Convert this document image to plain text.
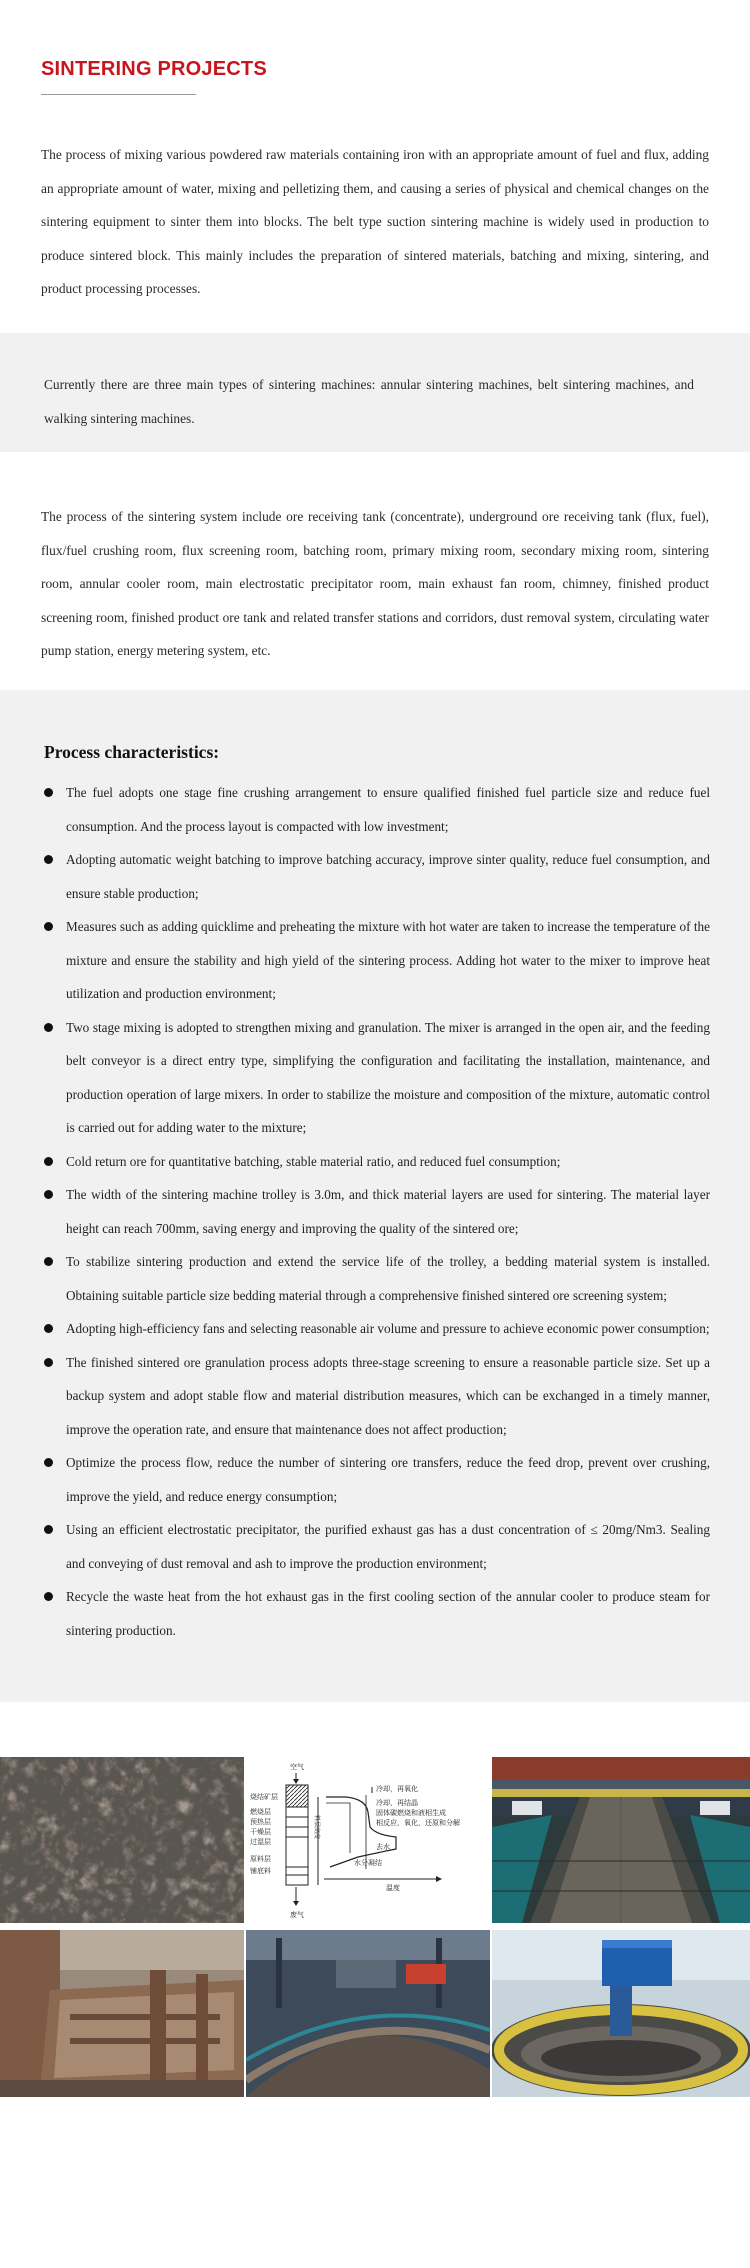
SINTERING PROJECTS

The process of mixing various powdered raw materials containing iron with an appropriate amount of fuel and flux, adding an appropriate amount of water, mixing and pelletizing them, and causing a series of physical and chemical changes on the sintering equipment to sinter them into blocks. The belt type suction sintering machine is widely used in production to produce sintered block. This mainly includes the preparation of sintered materials, batching and mixing, sintering, and product processing processes.

Currently there are three main types of sintering machines: annular sintering machines, belt sintering machines, and walking sintering machines.

The process of the sintering system include ore receiving tank (concentrate), underground ore receiving tank (flux, fuel), flux/fuel crushing room, flux screening room, batching room, primary mixing room, secondary mixing room, sintering room, annular cooler room, main electrostatic precipitator room, main exhaust fan room, chimney, finished product screening room, finished product ore tank and related transfer stations and corridors, dust removal system, circulating water pump station, energy metering system, etc.

Process characteristics:
The fuel adopts one stage fine crushing arrangement to ensure qualified finished fuel particle size and reduce fuel consumption. And the process layout is compacted with low investment;
Adopting automatic weight batching to improve batching accuracy, improve sinter quality, reduce fuel consumption, and ensure stable production;
Measures such as adding quicklime and preheating the mixture with hot water are taken to increase the temperature of the mixture and ensure the stability and high yield of the sintering process. Adding hot water to the mixer to improve heat utilization and production environment;
Two stage mixing is adopted to strengthen mixing and granulation. The mixer is arranged in the open air, and the feeding belt conveyor is a direct entry type, simplifying the configuration and facilitating the installation, maintenance, and production operation of large mixers. In order to stabilize the moisture and composition of the mixture, automatic control is carried out for adding water to the mixture;
Cold return ore for quantitative batching, stable material ratio, and reduced fuel consumption;
The width of the sintering machine trolley is 3.0m, and thick material layers are used for sintering. The material layer height can reach 700mm, saving energy and improving the quality of the sintered ore;
To stabilize sintering production and extend the service life of the trolley, a bedding material system is installed. Obtaining suitable particle size bedding material through a comprehensive finished sintered ore screening system;
Adopting high-efficiency fans and selecting reasonable air volume and pressure to achieve economic power consumption;
The finished sintered ore granulation process adopts three-stage screening to ensure a reasonable particle size. Set up a backup system and adopt stable flow and material distribution measures, which can be exchanged in a timely manner, improve the operation rate, and ensure that maintenance does not affect production;
Optimize the process flow, reduce the number of sintering ore transfers, reduce the feed drop, prevent over crushing, improve the yield, and reduce energy consumption;
Using an efficient electrostatic precipitator, the purified exhaust gas has a dust concentration of ≤ 20mg/Nm3. Sealing and conveying of dust removal and ash to improve the production environment;
Recycle the waste heat from the hot exhaust gas in the first cooling section of the annular cooler to produce steam for sintering production.
空气
烧结矿层
燃烧层
预热层
干燥层
过湿层
原料层
铺底料
料层高度
温度
冷却，再氧化
冷却，再结晶
固体碳燃烧和液相生成
相反应，氧化，还原和分解
去水
水分凝结
废气
